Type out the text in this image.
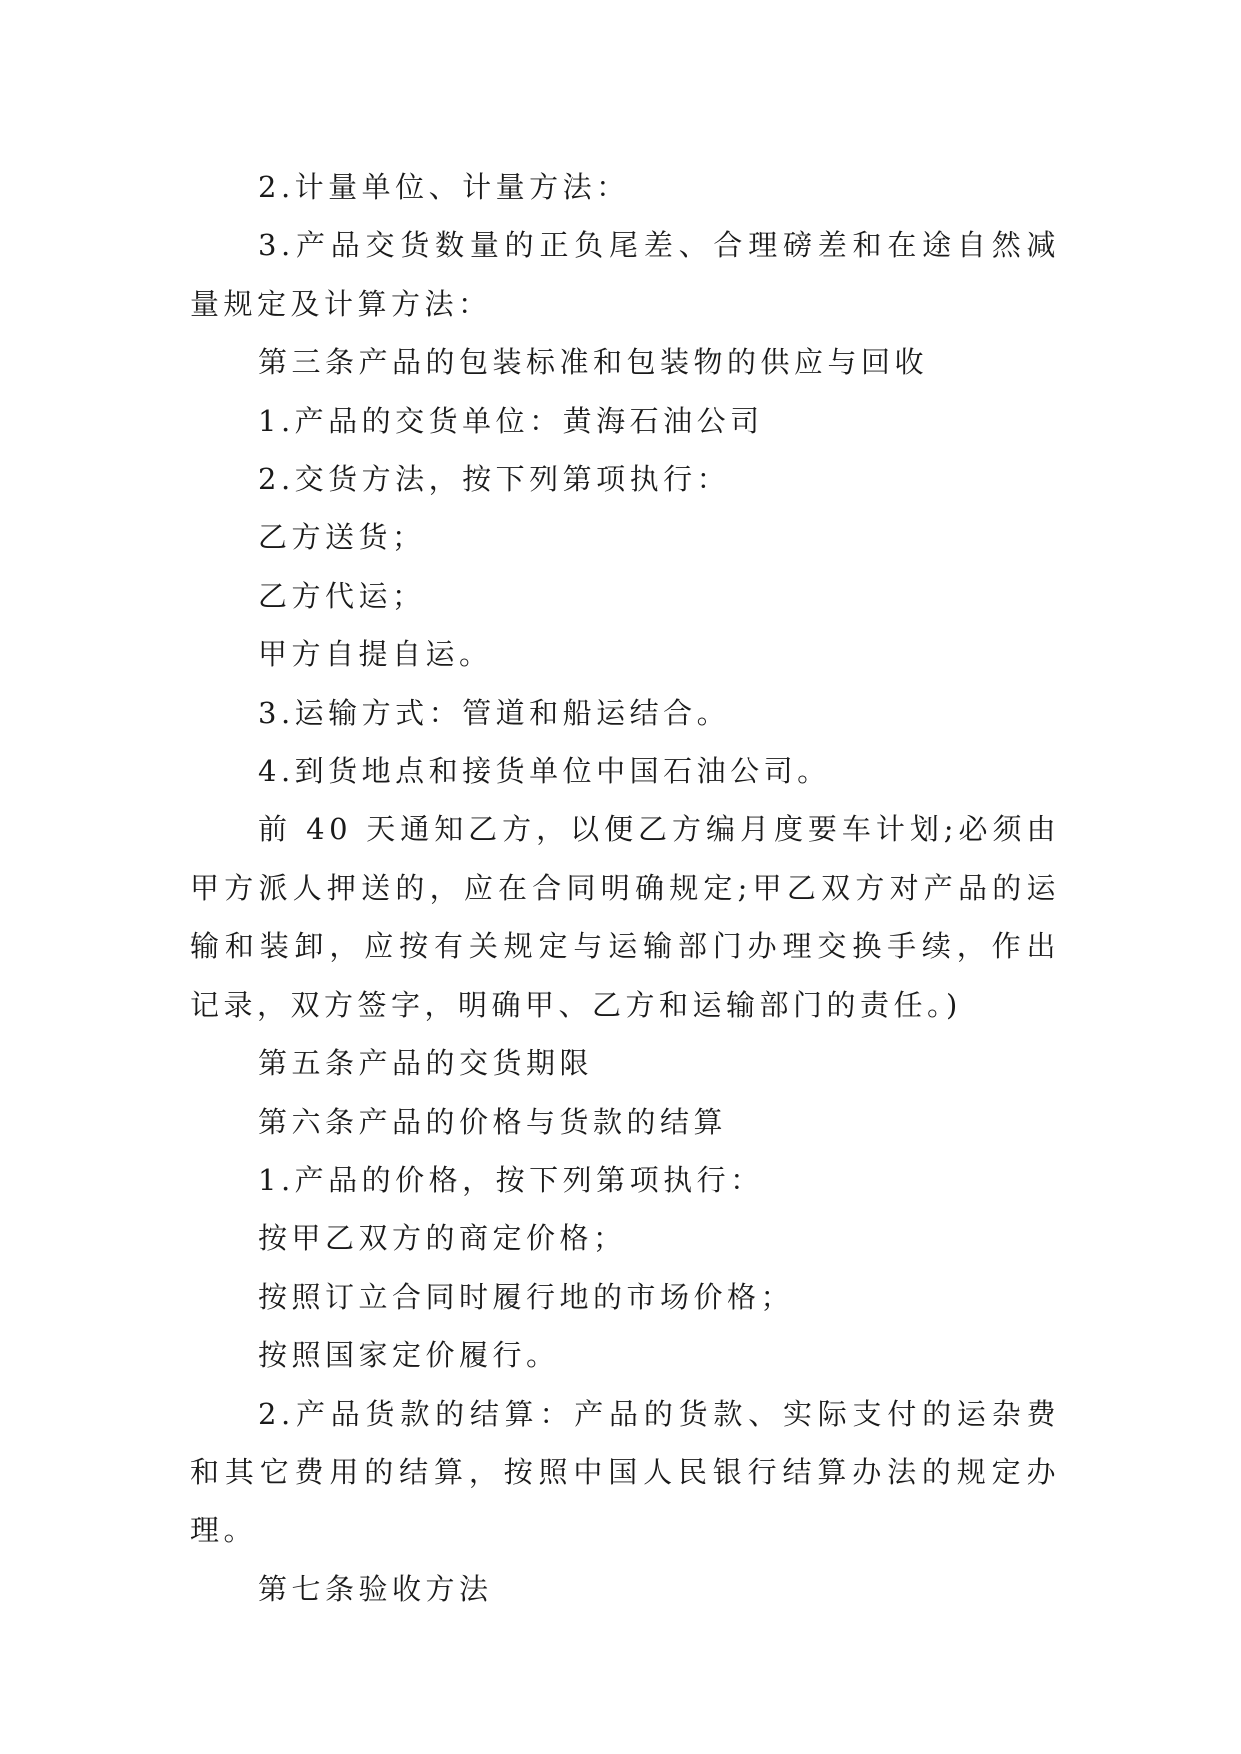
2.计量单位、计量方法：

3.产品交货数量的正负尾差、合理磅差和在途自然减量规定及计算方法：

第三条产品的包装标准和包装物的供应与回收

1.产品的交货单位：黄海石油公司

2.交货方法，按下列第项执行：

乙方送货；

乙方代运；

甲方自提自运。

3.运输方式：管道和船运结合。

4.到货地点和接货单位中国石油公司。

前 40 天通知乙方，以便乙方编月度要车计划;必须由甲方派人押送的，应在合同明确规定;甲乙双方对产品的运输和装卸，应按有关规定与运输部门办理交换手续，作出记录，双方签字，明确甲、乙方和运输部门的责任。)

第五条产品的交货期限

第六条产品的价格与货款的结算

1.产品的价格，按下列第项执行：

按甲乙双方的商定价格；

按照订立合同时履行地的市场价格；

按照国家定价履行。

2.产品货款的结算：产品的货款、实际支付的运杂费和其它费用的结算，按照中国人民银行结算办法的规定办理。

第七条验收方法
